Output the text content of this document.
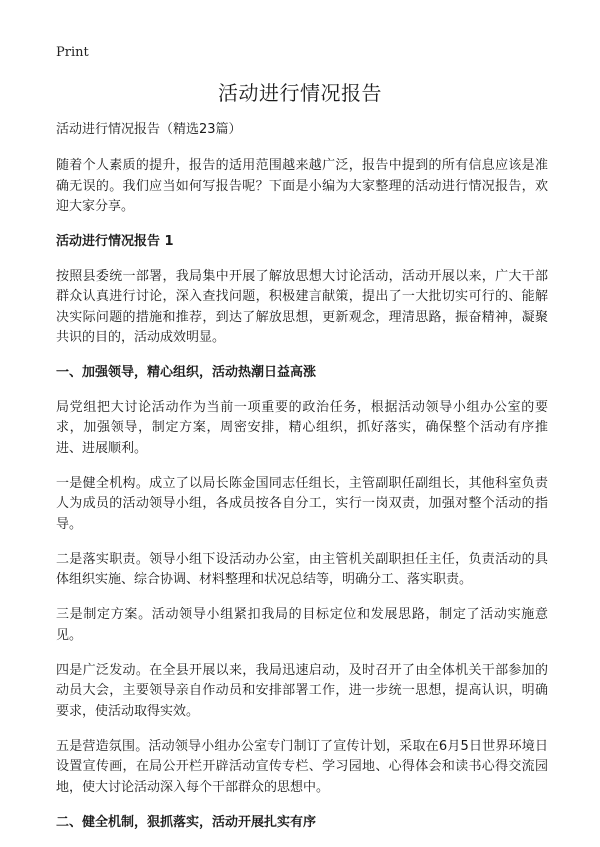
Print
活动进行情况报告

活动进行情况报告（精选23篇）

随着个人素质的提升，报告的适用范围越来越广泛，报告中提到的所有信息应该是准确无误的。我们应当如何写报告呢？下面是小编为大家整理的活动进行情况报告，欢迎大家分享。

活动进行情况报告 1

按照县委统一部署，我局集中开展了解放思想大讨论活动，活动开展以来，广大干部群众认真进行讨论，深入查找问题，积极建言献策，提出了一大批切实可行的、能解决实际问题的措施和推荐，到达了解放思想，更新观念，理清思路，振奋精神，凝聚共识的目的，活动成效明显。

一、加强领导，精心组织，活动热潮日益高涨

局党组把大讨论活动作为当前一项重要的政治任务，根据活动领导小组办公室的要求，加强领导，制定方案，周密安排，精心组织，抓好落实，确保整个活动有序推进、进展顺利。

一是健全机构。成立了以局长陈金国同志任组长，主管副职任副组长，其他科室负责人为成员的活动领导小组，各成员按各自分工，实行一岗双责，加强对整个活动的指导。

二是落实职责。领导小组下设活动办公室，由主管机关副职担任主任，负责活动的具体组织实施、综合协调、材料整理和状况总结等，明确分工、落实职责。

三是制定方案。活动领导小组紧扣我局的目标定位和发展思路，制定了活动实施意见。

四是广泛发动。在全县开展以来，我局迅速启动，及时召开了由全体机关干部参加的动员大会，主要领导亲自作动员和安排部署工作，进一步统一思想，提高认识，明确要求，使活动取得实效。

五是营造氛围。活动领导小组办公室专门制订了宣传计划，采取在6月5日世界环境日设置宣传画，在局公开栏开辟活动宣传专栏、学习园地、心得体会和读书心得交流园地，使大讨论活动深入每个干部群众的思想中。

二、健全机制，狠抓落实，活动开展扎实有序
